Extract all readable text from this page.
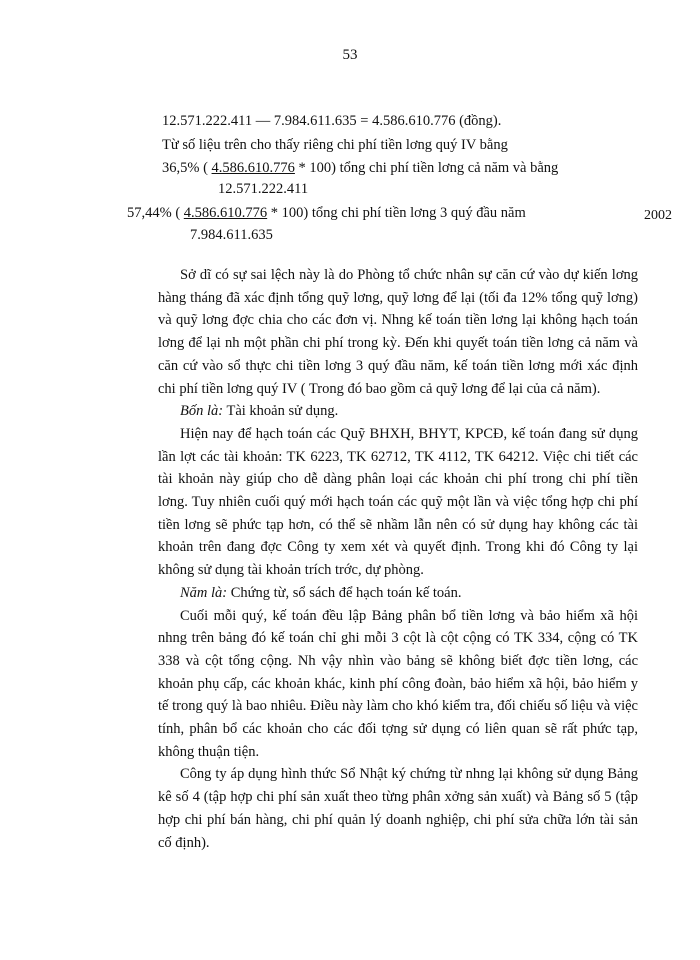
53
12.571.222.411 — 7.984.611.635 = 4.586.610.776 (đồng).
Từ số liệu trên cho thấy riêng chi phí tiền lơng quý IV bằng
36,5% ( 4.586.610.776 * 100) tổng chi phí tiền lơng cả năm và bằng
12.571.222.411
57,44% ( 4.586.610.776 * 100) tổng chi phí tiền lơng 3 quý đầu năm
7.984.611.635
2002

Sở dĩ có sự sai lệch này là do Phòng tổ chức nhân sự căn cứ vào dự kiến lơng hàng tháng đã xác định tổng quỹ lơng, quỹ lơng để lại (tối đa 12% tổng quỹ lơng) và quỹ lơng đợc chia cho các đơn vị. Nhng kế toán tiền lơng lại không hạch toán lơng để lại nh một phần chi phí trong kỳ. Đến khi quyết toán tiền lơng cả năm và căn cứ vào sổ thực chi tiền lơng 3 quý đầu năm, kế toán tiền lơng mới xác định chi phí tiền lơng quý IV ( Trong đó bao gồm cả quỹ lơng để lại của cả năm).

Bốn là: Tài khoản sử dụng.

Hiện nay để hạch toán các Quỹ BHXH, BHYT, KPCĐ, kế toán đang sử dụng lần lợt các tài khoản: TK 6223, TK 62712, TK 4112, TK 64212. Việc chi tiết các tài khoản này giúp cho dễ dàng phân loại các khoản chi phí trong chi phí tiền lơng. Tuy nhiên cuối quý mới hạch toán các quỹ một lần và việc tổng hợp chi phí tiền lơng sẽ phức tạp hơn, có thể sẽ nhầm lẫn nên có sử dụng hay không các tài khoản trên đang đợc Công ty xem xét và quyết định. Trong khi đó Công ty lại không sử dụng tài khoản trích trớc, dự phòng.

Năm là: Chứng từ, sổ sách để hạch toán kế toán.

Cuối mỗi quý, kế toán đều lập Bảng phân bổ tiền lơng và bảo hiểm xã hội nhng trên bảng đó kế toán chỉ ghi mỗi 3 cột là cột cộng có TK 334, cộng có TK 338 và cột tổng cộng. Nh vậy nhìn vào bảng sẽ không biết đợc tiền lơng, các khoản phụ cấp, các khoản khác, kinh phí công đoàn, bảo hiểm xã hội, bảo hiểm y tế trong quý là bao nhiêu. Điều này làm cho khó kiểm tra, đối chiếu số liệu và việc tính, phân bổ các khoản cho các đối tợng sử dụng có liên quan sẽ rất phức tạp, không thuận tiện.

Công ty áp dụng hình thức Sổ Nhật ký chứng từ nhng lại không sử dụng Bảng kê số 4 (tập hợp chi phí sản xuất theo từng phân xởng sản xuất) và Bảng số 5 (tập hợp chi phí bán hàng, chi phí quản lý doanh nghiệp, chi phí sửa chữa lớn tài sản cố định).
